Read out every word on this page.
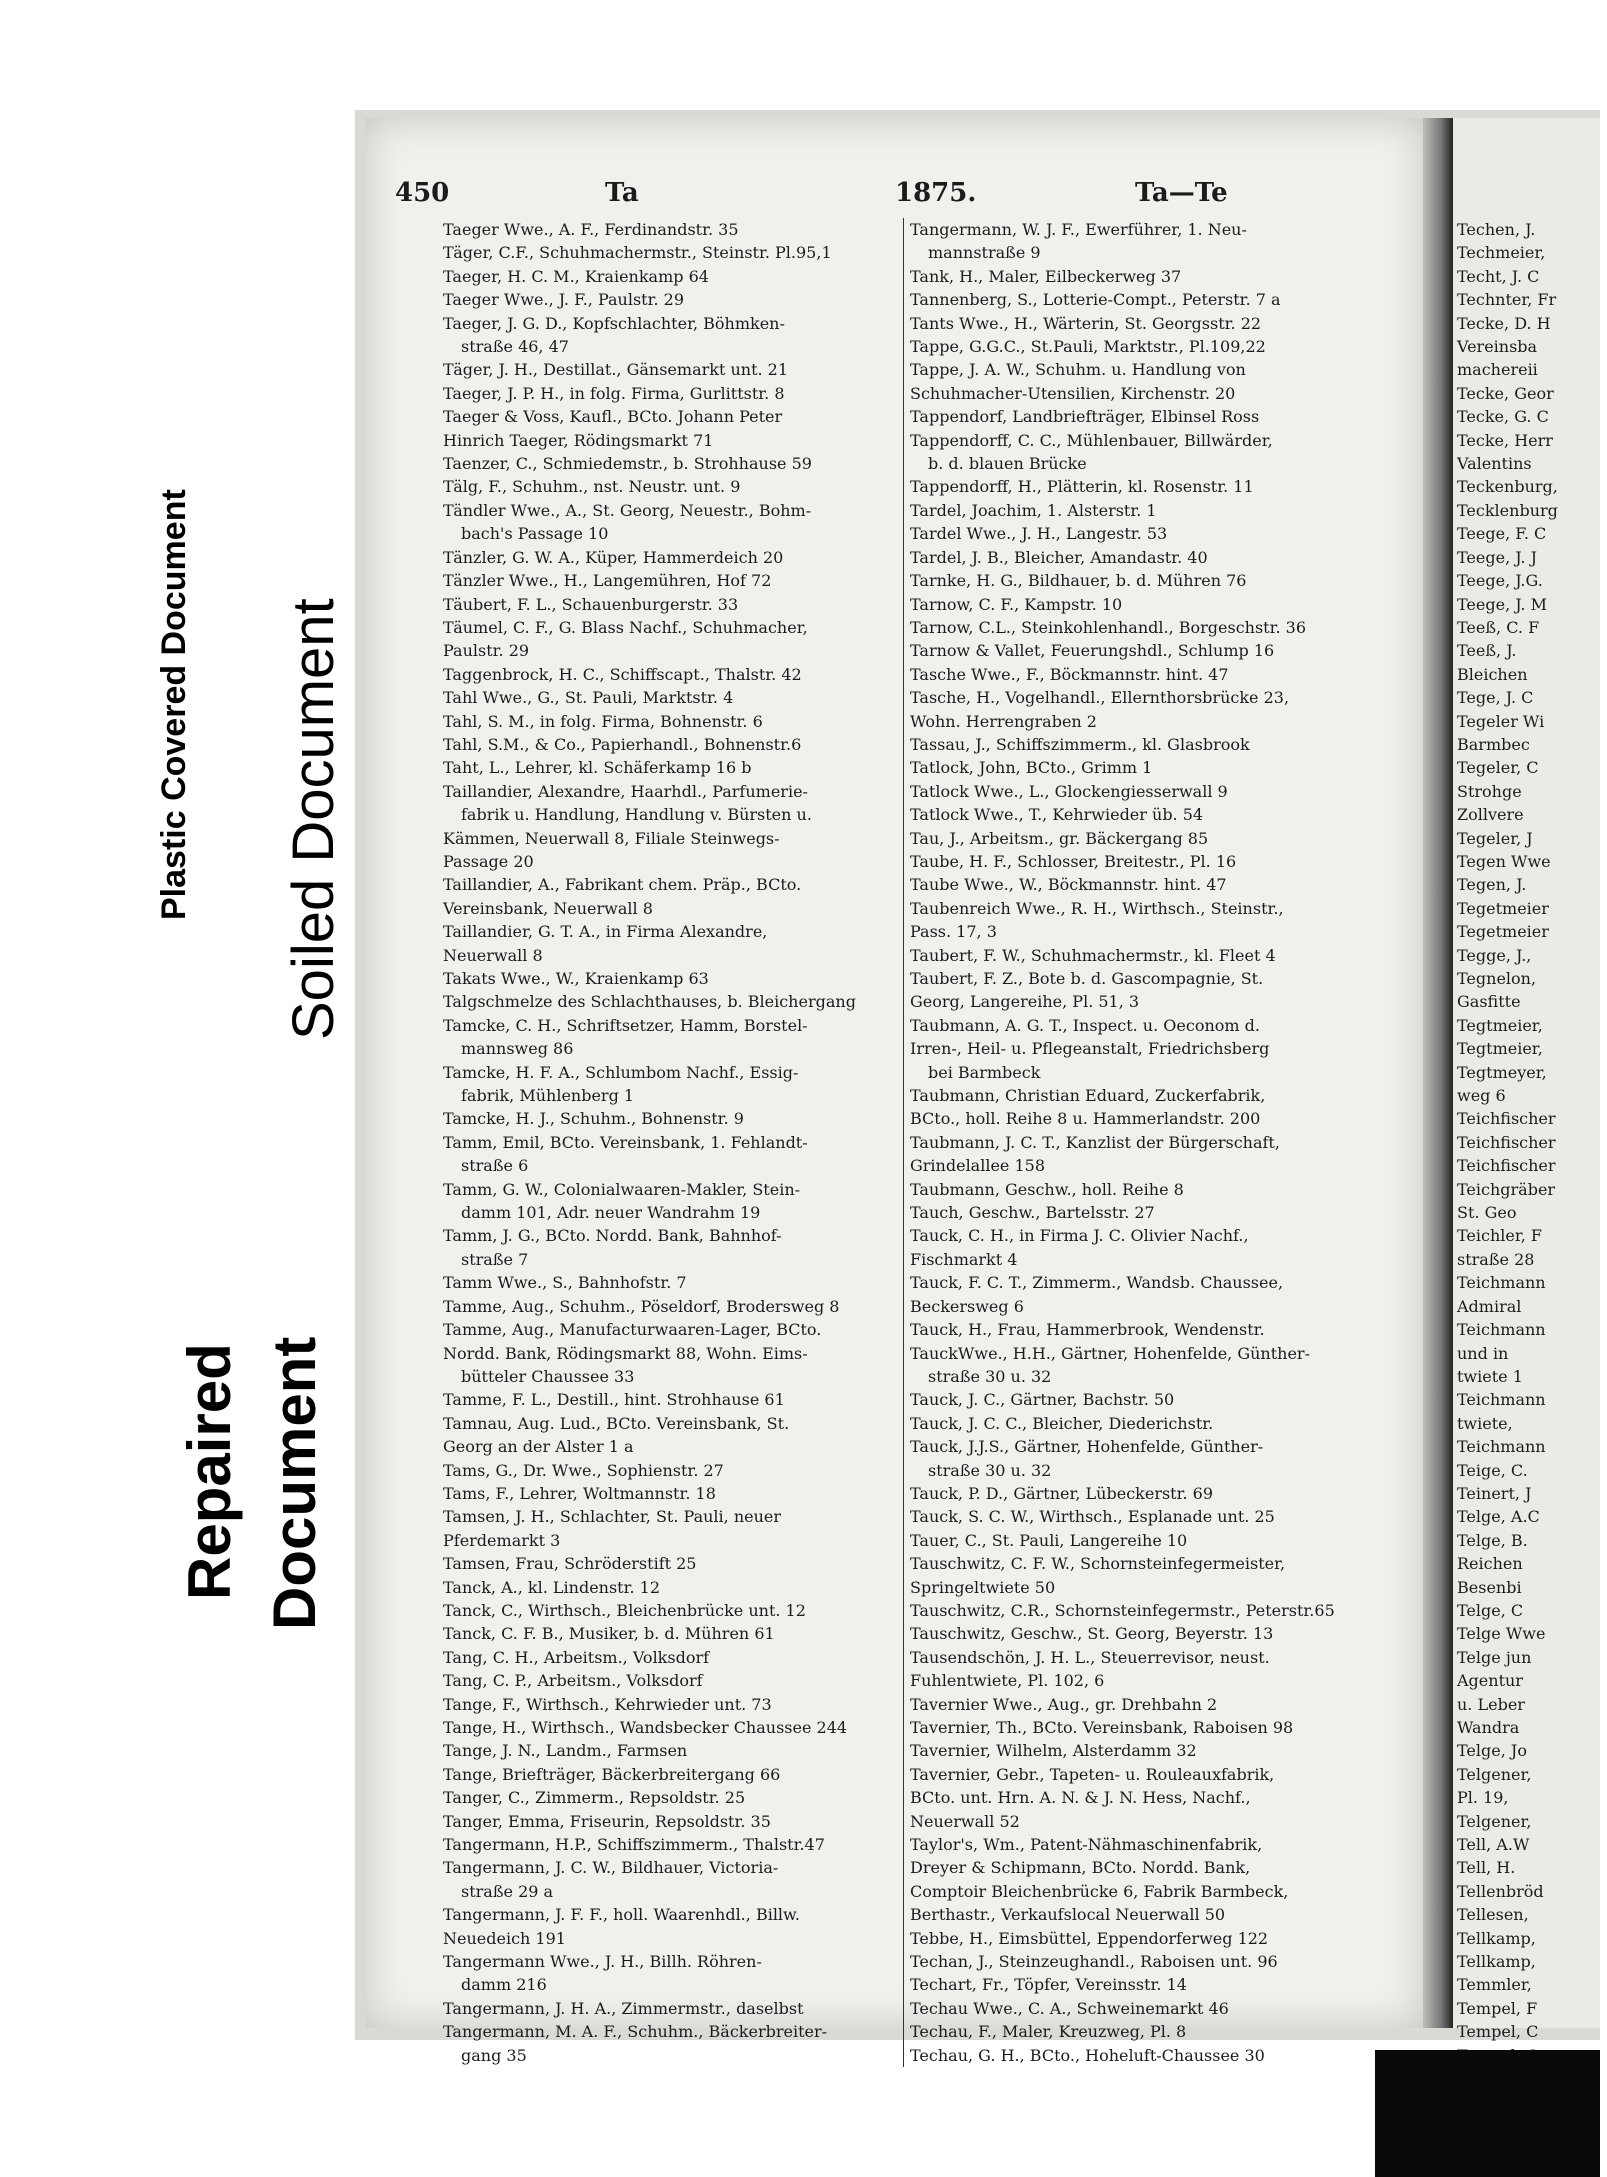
Plastic Covered Document	Soiled Document
Repaired Document
450	Ta	1875.	Ta—Te
Taeger Wwe., A. F., Ferdinandstr. 35
Täger, C.F., Schuhmachermstr., Steinstr. Pl.95,1
Taeger, H. C. M., Kraienkamp 64
Taeger Wwe., J. F., Paulstr. 29
Taeger, J. G. D., Kopfschlachter, Böhmken-
straße 46, 47
Täger, J. H., Destillat., Gänsemarkt unt. 21
Taeger, J. P. H., in folg. Firma, Gurlittstr. 8
Taeger & Voss, Kaufl., BCto. Johann Peter
Hinrich Taeger, Rödingsmarkt 71
Taenzer, C., Schmiedemstr., b. Strohhause 59
Tälg, F., Schuhm., nst. Neustr. unt. 9
Tändler Wwe., A., St. Georg, Neuestr., Bohm-
bach's Passage 10
Tänzler, G. W. A., Küper, Hammerdeich 20
Tänzler Wwe., H., Langemühren, Hof 72
Täubert, F. L., Schauenburgerstr. 33
Täumel, C. F., G. Blass Nachf., Schuhmacher,
Paulstr. 29
Taggenbrock, H. C., Schiffscapt., Thalstr. 42
Tahl Wwe., G., St. Pauli, Marktstr. 4
Tahl, S. M., in folg. Firma, Bohnenstr. 6
Tahl, S.M., & Co., Papierhandl., Bohnenstr.6
Taht, L., Lehrer, kl. Schäferkamp 16 b
Taillandier, Alexandre, Haarhdl., Parfumerie-
fabrik u. Handlung, Handlung v. Bürsten u.
Kämmen, Neuerwall 8, Filiale Steinwegs-
Passage 20
Taillandier, A., Fabrikant chem. Präp., BCto.
Vereinsbank, Neuerwall 8
Taillandier, G. T. A., in Firma Alexandre,
Neuerwall 8
Takats Wwe., W., Kraienkamp 63
Talgschmelze des Schlachthauses, b. Bleichergang
Tamcke, C. H., Schriftsetzer, Hamm, Borstel-
mannsweg 86
Tamcke, H. F. A., Schlumbom Nachf., Essig-
fabrik, Mühlenberg 1
Tamcke, H. J., Schuhm., Bohnenstr. 9
Tamm, Emil, BCto. Vereinsbank, 1. Fehlandt-
straße 6
Tamm, G. W., Colonialwaaren-Makler, Stein-
damm 101, Adr. neuer Wandrahm 19
Tamm, J. G., BCto. Nordd. Bank, Bahnhof-
straße 7
Tamm Wwe., S., Bahnhofstr. 7
Tamme, Aug., Schuhm., Pöseldorf, Brodersweg 8
Tamme, Aug., Manufacturwaaren-Lager, BCto.
Nordd. Bank, Rödingsmarkt 88, Wohn. Eims-
bütteler Chaussee 33
Tamme, F. L., Destill., hint. Strohhause 61
Tamnau, Aug. Lud., BCto. Vereinsbank, St.
Georg an der Alster 1 a
Tams, G., Dr. Wwe., Sophienstr. 27
Tams, F., Lehrer, Woltmannstr. 18
Tamsen, J. H., Schlachter, St. Pauli, neuer
Pferdemarkt 3
Tamsen, Frau, Schröderstift 25
Tanck, A., kl. Lindenstr. 12
Tanck, C., Wirthsch., Bleichenbrücke unt. 12
Tanck, C. F. B., Musiker, b. d. Mühren 61
Tang, C. H., Arbeitsm., Volksdorf
Tang, C. P., Arbeitsm., Volksdorf
Tange, F., Wirthsch., Kehrwieder unt. 73
Tange, H., Wirthsch., Wandsbecker Chaussee 244
Tange, J. N., Landm., Farmsen
Tange, Briefträger, Bäckerbreitergang 66
Tanger, C., Zimmerm., Repsoldstr. 25
Tanger, Emma, Friseurin, Repsoldstr. 35
Tangermann, H.P., Schiffszimmerm., Thalstr.47
Tangermann, J. C. W., Bildhauer, Victoria-
straße 29 a
Tangermann, J. F. F., holl. Waarenhdl., Billw.
Neuedeich 191
Tangermann Wwe., J. H., Billh. Röhren-
damm 216
Tangermann, J. H. A., Zimmermstr., daselbst
Tangermann, M. A. F., Schuhm., Bäckerbreiter-
gang 35
Tangermann, W. J. F., Ewerführer, 1. Neu-
mannstraße 9
Tank, H., Maler, Eilbeckerweg 37
Tannenberg, S., Lotterie-Compt., Peterstr. 7 a
Tants Wwe., H., Wärterin, St. Georgsstr. 22
Tappe, G.G.C., St.Pauli, Marktstr., Pl.109,22
Tappe, J. A. W., Schuhm. u. Handlung von
Schuhmacher-Utensilien, Kirchenstr. 20
Tappendorf, Landbriefträger, Elbinsel Ross
Tappendorff, C. C., Mühlenbauer, Billwärder,
b. d. blauen Brücke
Tappendorff, H., Plätterin, kl. Rosenstr. 11
Tardel, Joachim, 1. Alsterstr. 1
Tardel Wwe., J. H., Langestr. 53
Tardel, J. B., Bleicher, Amandastr. 40
Tarnke, H. G., Bildhauer, b. d. Mühren 76
Tarnow, C. F., Kampstr. 10
Tarnow, C.L., Steinkohlenhandl., Borgeschstr. 36
Tarnow & Vallet, Feuerungshdl., Schlump 16
Tasche Wwe., F., Böckmannstr. hint. 47
Tasche, H., Vogelhandl., Ellernthorsbrücke 23,
Wohn. Herrengraben 2
Tassau, J., Schiffszimmerm., kl. Glasbrook
Tatlock, John, BCto., Grimm 1
Tatlock Wwe., L., Glockengiesserwall 9
Tatlock Wwe., T., Kehrwieder üb. 54
Tau, J., Arbeitsm., gr. Bäckergang 85
Taube, H. F., Schlosser, Breitestr., Pl. 16
Taube Wwe., W., Böckmannstr. hint. 47
Taubenreich Wwe., R. H., Wirthsch., Steinstr.,
Pass. 17, 3
Taubert, F. W., Schuhmachermstr., kl. Fleet 4
Taubert, F. Z., Bote b. d. Gascompagnie, St.
Georg, Langereihe, Pl. 51, 3
Taubmann, A. G. T., Inspect. u. Oeconom d.
Irren-, Heil- u. Pflegeanstalt, Friedrichsberg
bei Barmbeck
Taubmann, Christian Eduard, Zuckerfabrik,
BCto., holl. Reihe 8 u. Hammerlandstr. 200
Taubmann, J. C. T., Kanzlist der Bürgerschaft,
Grindelallee 158
Taubmann, Geschw., holl. Reihe 8
Tauch, Geschw., Bartelsstr. 27
Tauck, C. H., in Firma J. C. Olivier Nachf.,
Fischmarkt 4
Tauck, F. C. T., Zimmerm., Wandsb. Chaussee,
Beckersweg 6
Tauck, H., Frau, Hammerbrook, Wendenstr.
TauckWwe., H.H., Gärtner, Hohenfelde, Günther-
straße 30 u. 32
Tauck, J. C., Gärtner, Bachstr. 50
Tauck, J. C. C., Bleicher, Diederichstr.
Tauck, J.J.S., Gärtner, Hohenfelde, Günther-
straße 30 u. 32
Tauck, P. D., Gärtner, Lübeckerstr. 69
Tauck, S. C. W., Wirthsch., Esplanade unt. 25
Tauer, C., St. Pauli, Langereihe 10
Tauschwitz, C. F. W., Schornsteinfegermeister,
Springeltwiete 50
Tauschwitz, C.R., Schornsteinfegermstr., Peterstr.65
Tauschwitz, Geschw., St. Georg, Beyerstr. 13
Tausendschön, J. H. L., Steuerrevisor, neust.
Fuhlentwiete, Pl. 102, 6
Tavernier Wwe., Aug., gr. Drehbahn 2
Tavernier, Th., BCto. Vereinsbank, Raboisen 98
Tavernier, Wilhelm, Alsterdamm 32
Tavernier, Gebr., Tapeten- u. Rouleauxfabrik,
BCto. unt. Hrn. A. N. & J. N. Hess, Nachf.,
Neuerwall 52
Taylor's, Wm., Patent-Nähmaschinenfabrik,
Dreyer & Schipmann, BCto. Nordd. Bank,
Comptoir Bleichenbrücke 6, Fabrik Barmbeck,
Berthastr., Verkaufslocal Neuerwall 50
Tebbe, H., Eimsbüttel, Eppendorferweg 122
Techan, J., Steinzeughandl., Raboisen unt. 96
Techart, Fr., Töpfer, Vereinsstr. 14
Techau Wwe., C. A., Schweinemarkt 46
Techau, F., Maler, Kreuzweg, Pl. 8
Techau, G. H., BCto., Hoheluft-Chaussee 30
Techen, J.
Techmeier,
Techt, J. C
Technter, Fr
Tecke, D. H
Vereinsba
machereii
Tecke, Geor
Tecke, G. C
Tecke, Herr
Valentins
Teckenburg,
Tecklenburg
Teege, F. C
Teege, J. J
Teege, J.G.
Teege, J. M
Teeß, C. F
Teeß, J.
Bleichen
Tege, J. C
Tegeler Wi
Barmbec
Tegeler, C
Strohge
Zollvere
Tegeler, J
Tegen Wwe
Tegen, J.
Tegetmeier
Tegetmeier
Tegge, J.,
Tegnelon,
Gasfitte
Tegtmeier,
Tegtmeier,
Tegtmeyer,
weg 6
Teichfischer
Teichfischer
Teichfischer
Teichgräber
St. Geo
Teichler, F
straße 28
Teichmann
Admiral
Teichmann
und in
twiete 1
Teichmann
twiete,
Teichmann
Teige, C.
Teinert, J
Telge, A.C
Telge, B.
Reichen
Besenbi
Telge, C
Telge Wwe
Telge jun
Agentur
u. Leber
Wandra
Telge, Jo
Telgener,
Pl. 19,
Telgener,
Tell, A.W
Tell, H.
Tellenbröd
Tellesen,
Tellkamp,
Tellkamp,
Temmler,
Tempel, F
Tempel, C
